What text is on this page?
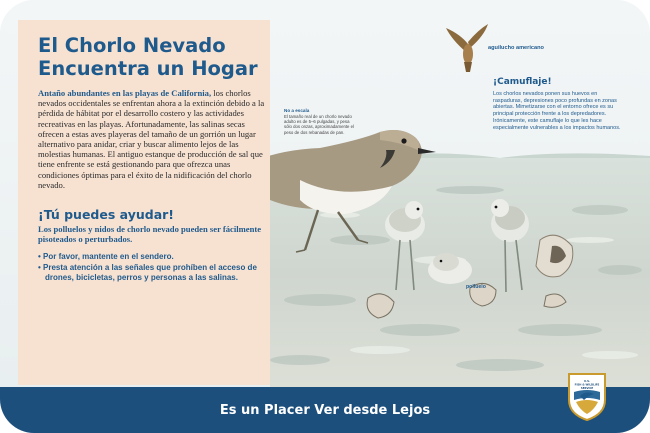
El Chorlo Nevado Encuentra un Hogar

Antaño abundantes en las playas de California, los chorlos nevados occidentales se enfrentan ahora a la extinción debido a la pérdida de hábitat por el desarrollo costero y las actividades recreativas en las playas. Afortunadamente, las salinas secas ofrecen a estas aves playeras del tamaño de un gorrión un lugar alternativo para anidar, criar y buscar alimento lejos de las molestias humanas. El antiguo estanque de producción de sal que tiene enfrente se está gestionando para que ofrezca unas condiciones óptimas para el éxito de la nidificación del chorlo nevado.

¡Tú puedes ayudar!

Los polluelos y nidos de chorlo nevado pueden ser fácilmente pisoteados o perturbados.

• Por favor, mantente en el sendero.
• Presta atención a las señales que prohíben el acceso de drones, bicicletas, perros y personas a las salinas.
No a escala

El tamaño real de un chorlo nevado adulto es de 5–6 pulgadas, y pesa sólo dos onzas, aproximadamente el peso de dos rebanadas de pan.

aguilucho americano
¡Camuflaje!

Los chorlos nevados ponen sus huevos en raspaduras, depresiones poco profundas en zonas abiertas. Mimetizarse con el entorno ofrece es su principal protección frente a los depredadores. Irónicamente, este camuflaje lo que les hace especialmente vulnerables a los impactos humanos.

polluelo
Es un Placer Ver desde Lejos
U.S.
FISH & WILDLIFE
SERVICE
